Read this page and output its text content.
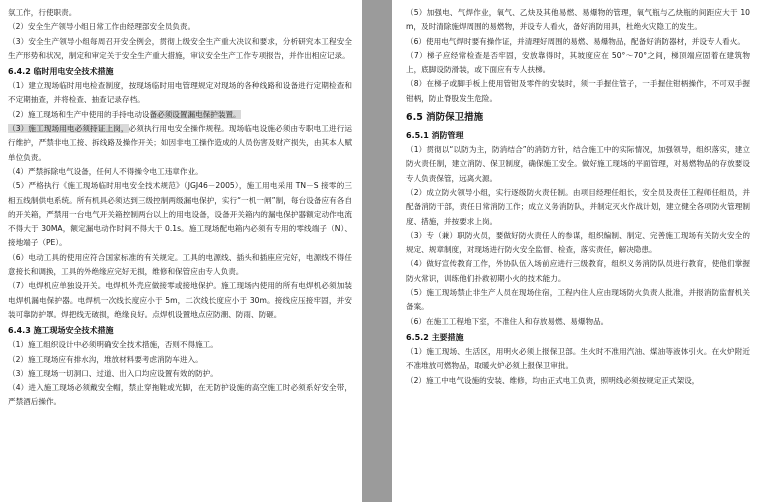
氛工作，行使职责。
（2）安全生产领导小组日常工作由经理部安全员负责。
（3）安全生产领导小组每周召开安全例会，贯彻上级安全生产重大决议和要求，分析研究本工程安全生产形势和状况，制定和审定关于安全生产重大措施，审议安全生产工作专项报告，并作出相应记录。
6.4.2 临时用电安全技术措施
（1）建立现场临时用电检查制度，按现场临时用电管理规定对现场的各种线路和设备进行定期检查和不定期抽查，并将检查、抽查记录存档。
（2）施工现场和生产中使用的手持电动设备必须设置漏电保护装置。
（3）施工现场用电必须持证上岗，必须执行用电安全操作规程。现场临电设施必须由专职电工进行运行维护，严禁非电工接、拆线路及操作开关；如因非电工操作造成的人员伤害及财产损失，由其本人赋单位负责。
（4）严禁拆除电气设备，任何人不得操令电工违章作业。
（5）严格执行《施工现场临时用电安全技术规范》（JGJ46－2005），施工用电采用 TN－S 接零的三相五线制供电系统。所有机具必须达到三级控制两级漏电保护，实行“一机一闸”制，每台设备应有各自的开关箱，严禁用一台电气开关箱控制两台以上的用电设备，设备开关箱内的漏电保护器额定动作电流不得大于 30MA，额定漏电动作时间不得大于 0.1s。施工现场配电箱内必须有专用的零线端子（N）、接地端子（PE）。
（6）电动工具的使用应符合国家标准的有关规定。工具的电源线、插头和插座应完好，电源线不得任意接长和调换，工具的外绝缘应完好无损，维修和保管应由专人负责。
（7）电焊机应单独设开关。电焊机外壳应做接零或接地保护。施工现场内使用的所有电焊机必须加装电焊机漏电保护器。电焊机一次线长度应小于 5m，二次线长度应小于 30m。接线应压接牢固，并安装可靠防护罩。焊把线无破损，绝缘良好。点焊机设置地点应防潮、防雨、防砸。
6.4.3 施工现场安全技术措施
（1）施工组织设计中必须明确安全技术措施，否则不得施工。
（2）施工现场应有排水沟，堆放材料要考虑消防车进入。
（3）施工现场一切洞口、过道、出入口均应设置有效的防护。
（4）进入施工现场必须戴安全帽，禁止穿拖鞋或光脚，在无防护设施的高空施工时必须系好安全带，严禁酒后操作。
（5）加强电、气焊作业，氧气、乙炔及其他易燃、易爆物的管理，氧气瓶与乙炔瓶的间距应大于 10m，及时清除施焊周围的易燃物，并设专人看火，备好消防用具，杜绝火灾隐工的发生。
（6）使用电气焊时要有操作证，并清理好周围的易燃、易爆物品，配备好消防器材，并设专人看火。
（7）梯子应经常检查是否牢固，安放靠得时，其坡度应在 50°～70°之间，梯顶端应固着在建筑物上，底脚设防滑装，或下面应有专人扶梯。
（8）在梯子或脚手板上使用管钳及零件的安装时，须一手握住管子，一手握住钳柄操作，不可双手握钳柄，防止脊股发生危险。
6.5 消防保卫措施
6.5.1 消防管理
（1）贯彻以“以防为主，防消结合”的消防方针，结合施工中的实际情况，加强领导，组织落实，建立防火责任制，建立消防、保卫制度，确保施工安全。做好施工现场的平面管理，对易燃物品的存放要设专人负责保管，远离火源。
（2）成立防火领导小组，实行逐级防火责任制。由项目经理任组长，安全员及责任工程师任组员，并配备消防干部，责任日常消防工作；成立义务消防队，并制定灭火作战计划，建立健全各项防火管理制度、措施，并按要求上岗。
（3）专（兼）职防火员，要做好防火责任人的参谋，组织编制、制定、完善施工现场有关防火安全的规定、规章制度，对现场进行防火安全监督、检查，落实责任，解决隐患。
（4）做好宣传教育工作，外协队伍入场前应进行三级教育，组织义务消防队员进行教育，使他们掌握防火常识，训练他们扑救初期小火的技术能力。
（5）施工现场禁止非生产人员在现场住宿，工程内住人应由现场防火负责人批准，并报消防监督机关备案。
（6）在施工工程地下室，不准住人和存放易燃、易爆物品。
6.5.2 主要措施
（1）施工现场、生活区，用明火必须上报保卫部。生火时不准用汽油、煤油等液体引火。在火炉附近不准堆放可燃物品，取暖火炉必须上报保卫审批。
（2）施工中电气设施的安装、维修，均由正式电工负责，照明线必须按规定正式架设，
